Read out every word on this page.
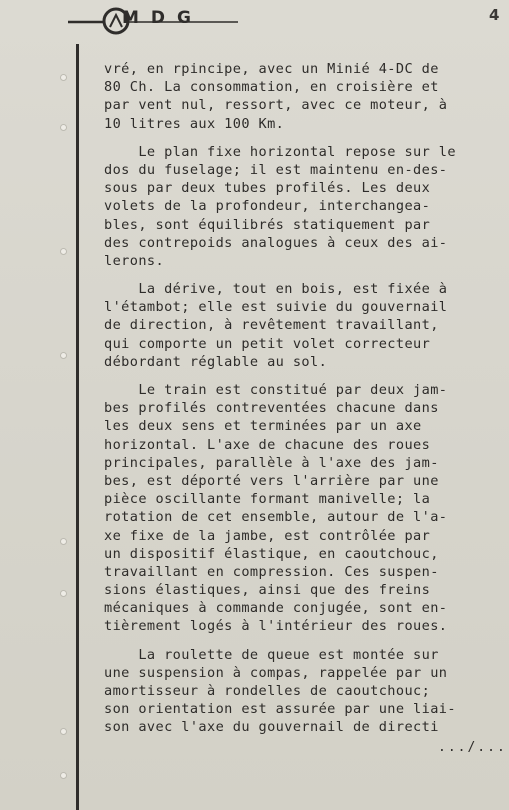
MDG	4
vré, en rpincipe, avec un Minié 4-DC de
80 Ch. La consommation, en croisière et
par vent nul, ressort, avec ce moteur, à
10 litres aux 100 Km.
Le plan fixe horizontal repose sur le
dos du fuselage; il est maintenu en-des-
sous par deux tubes profilés. Les deux
volets de la profondeur, interchangea-
bles, sont équilibrés statiquement par
des contrepoids analogues à ceux des ai-
lerons.
La dérive, tout en bois, est fixée à
l'étambot; elle est suivie du gouvernail
de direction, à revêtement travaillant,
qui comporte un petit volet correcteur
débordant réglable au sol.
Le train est constitué par deux jam-
bes profilés contreventées chacune dans
les deux sens et terminées par un axe
horizontal. L'axe de chacune des roues
principales, parallèle à l'axe des jam-
bes, est déporté vers l'arrière par une
pièce oscillante formant manivelle; la
rotation de cet ensemble, autour de l'a-
xe fixe de la jambe, est contrôlée par
un dispositif élastique, en caoutchouc,
travaillant en compression. Ces suspen-
sions élastiques, ainsi que des freins
mécaniques à commande conjugée, sont en-
tièrement logés à l'intérieur des roues.
La roulette de queue est montée sur
une suspension à compas, rappelée par un
amortisseur à rondelles de caoutchouc;
son orientation est assurée par une liai-
son avec l'axe du gouvernail de directi
.../...
